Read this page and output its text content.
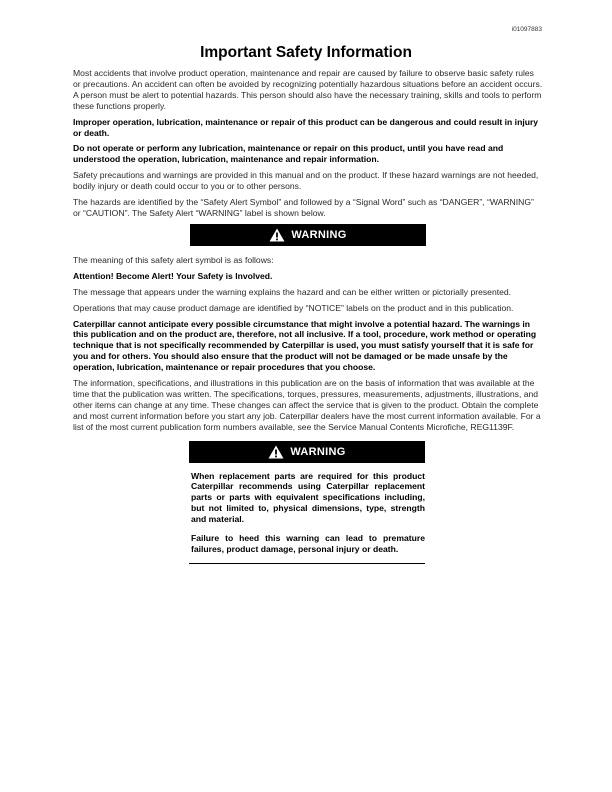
i01097883
Important Safety Information

Most accidents that involve product operation, maintenance and repair are caused by failure to observe basic safety rules or precautions. An accident can often be avoided by recognizing potentially hazardous situations before an accident occurs. A person must be alert to potential hazards. This person should also have the necessary training, skills and tools to perform these functions properly.

Improper operation, lubrication, maintenance or repair of this product can be dangerous and could result in injury or death.

Do not operate or perform any lubrication, maintenance or repair on this product, until you have read and understood the operation, lubrication, maintenance and repair information.

Safety precautions and warnings are provided in this manual and on the product. If these hazard warnings are not heeded, bodily injury or death could occur to you or to other persons.

The hazards are identified by the “Safety Alert Symbol” and followed by a “Signal Word” such as “DANGER”, “WARNING” or “CAUTION”. The Safety Alert “WARNING” label is shown below.

WARNING

The meaning of this safety alert symbol is as follows:

Attention! Become Alert! Your Safety is Involved.

The message that appears under the warning explains the hazard and can be either written or pictorially presented.

Operations that may cause product damage are identified by “NOTICE” labels on the product and in this publication.

Caterpillar cannot anticipate every possible circumstance that might involve a potential hazard. The warnings in this publication and on the product are, therefore, not all inclusive. If a tool, procedure, work method or operating technique that is not specifically recommended by Caterpillar is used, you must satisfy yourself that it is safe for you and for others. You should also ensure that the product will not be damaged or be made unsafe by the operation, lubrication, maintenance or repair procedures that you choose.

The information, specifications, and illustrations in this publication are on the basis of information that was available at the time that the publication was written. The specifications, torques, pressures, measurements, adjustments, illustrations, and other items can change at any time. These changes can affect the service that is given to the product. Obtain the complete and most current information before you start any job. Caterpillar dealers have the most current information available. For a list of the most current publication form numbers available, see the Service Manual Contents Microfiche, REG1139F.

WARNING

When replacement parts are required for this product Caterpillar recommends using Caterpillar replacement parts or parts with equivalent specifications including, but not limited to, physical dimensions, type, strength and material.

Failure to heed this warning can lead to premature failures, product damage, personal injury or death.
